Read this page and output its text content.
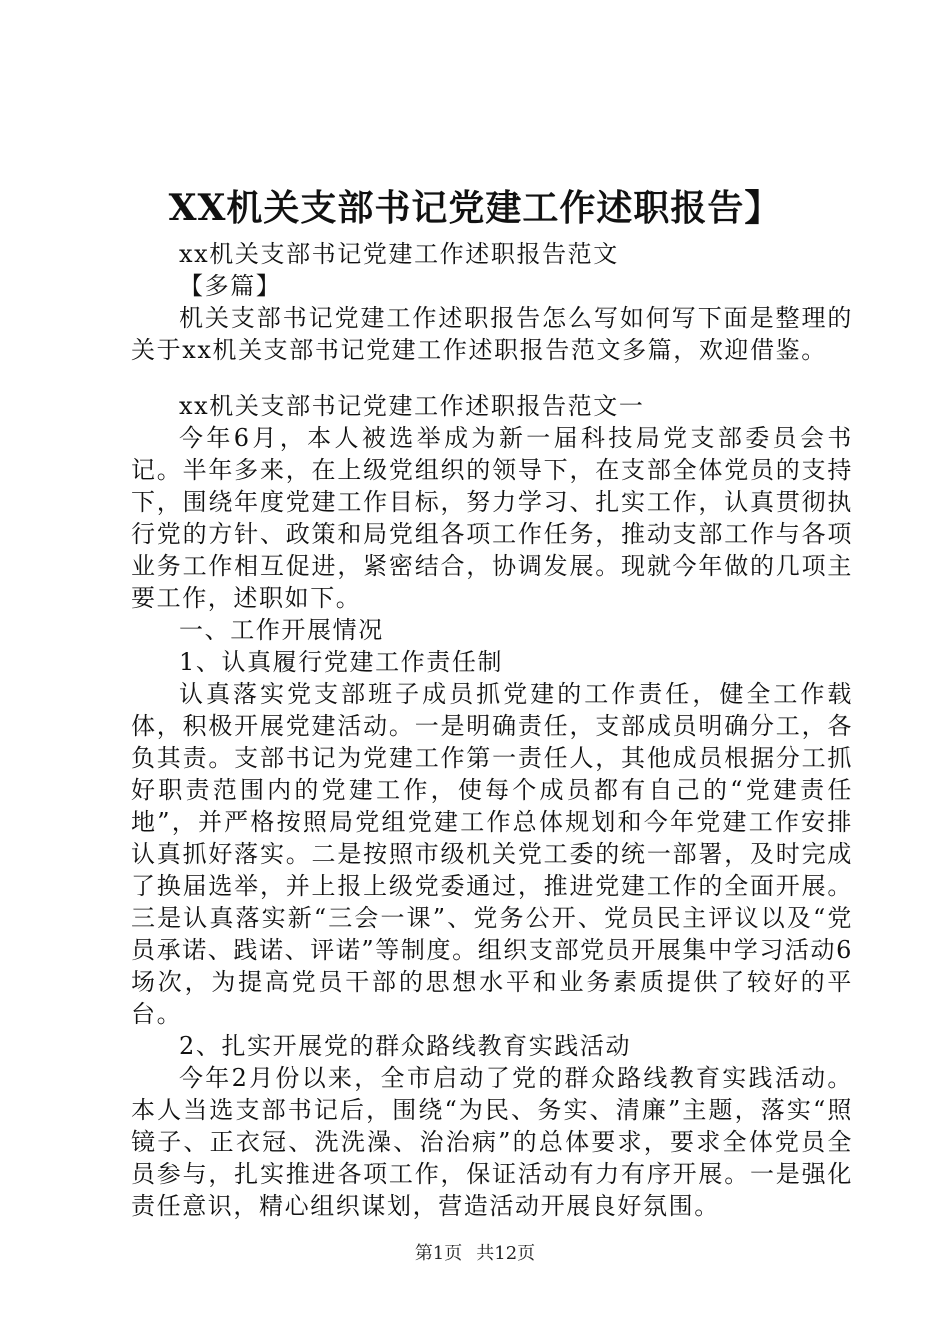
XX机关支部书记党建工作述职报告】

xx机关支部书记党建工作述职报告范文

【多篇】

机关支部书记党建工作述职报告怎么写如何写下面是整理的关于xx机关支部书记党建工作述职报告范文多篇，欢迎借鉴。

xx机关支部书记党建工作述职报告范文一

今年6月，本人被选举成为新一届科技局党支部委员会书记。半年多来，在上级党组织的领导下，在支部全体党员的支持下，围绕年度党建工作目标，努力学习、扎实工作，认真贯彻执行党的方针、政策和局党组各项工作任务，推动支部工作与各项业务工作相互促进，紧密结合，协调发展。现就今年做的几项主要工作，述职如下。

一、工作开展情况

1、认真履行党建工作责任制

认真落实党支部班子成员抓党建的工作责任，健全工作载体，积极开展党建活动。一是明确责任，支部成员明确分工，各负其责。支部书记为党建工作第一责任人，其他成员根据分工抓好职责范围内的党建工作，使每个成员都有自己的“党建责任地”，并严格按照局党组党建工作总体规划和今年党建工作安排认真抓好落实。二是按照市级机关党工委的统一部署，及时完成了换届选举，并上报上级党委通过，推进党建工作的全面开展。三是认真落实新“三会一课”、党务公开、党员民主评议以及“党员承诺、践诺、评诺”等制度。组织支部党员开展集中学习活动6场次，为提高党员干部的思想水平和业务素质提供了较好的平台。

2、扎实开展党的群众路线教育实践活动

今年2月份以来，全市启动了党的群众路线教育实践活动。本人当选支部书记后，围绕“为民、务实、清廉”主题，落实“照镜子、正衣冠、洗洗澡、治治病”的总体要求，要求全体党员全员参与，扎实推进各项工作，保证活动有力有序开展。一是强化责任意识，精心组织谋划，营造活动开展良好氛围。

第1页 共12页
